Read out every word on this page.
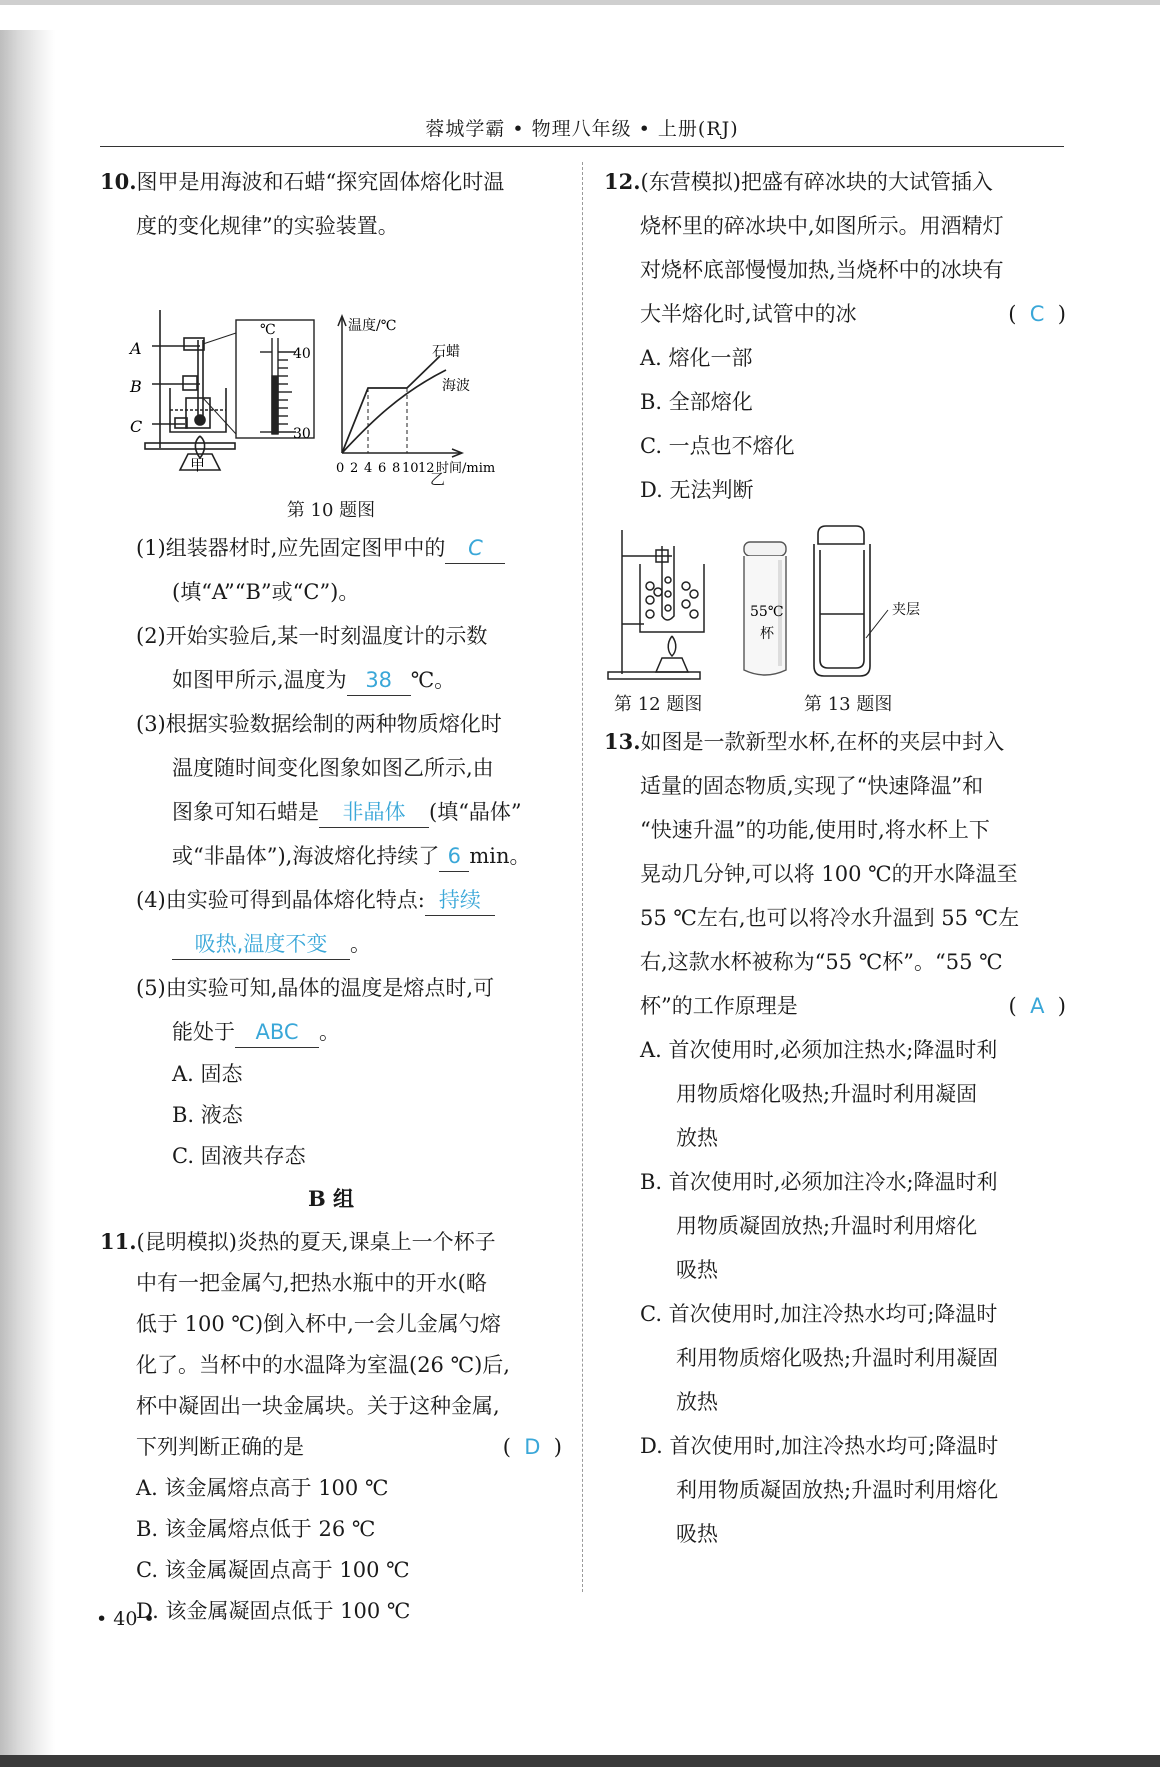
蓉城学霸 • 物理八年级 • 上册(RJ)

10.图甲是用海波和石蜡“探究固体熔化时温

度的变化规律”的实验装置。

A
B
C
℃
40
30
甲
温度/℃
石蜡
海波
0 2 4 6 8 10 12 时间/mim
乙
第 10 题图

(1)组装器材时,应先固定图甲中的 C

(填“A”“B”或“C”)。

(2)开始实验后,某一时刻温度计的示数

如图甲所示,温度为 38 ℃。

(3)根据实验数据绘制的两种物质熔化时

温度随时间变化图象如图乙所示,由

图象可知石蜡是 非晶体 (填“晶体”

或“非晶体”),海波熔化持续了 6 min。

(4)由实验可得到晶体熔化特点: 持续

吸热,温度不变 。

(5)由实验可知,晶体的温度是熔点时,可

能处于 ABC 。

A. 固态

B. 液态

C. 固液共存态

B 组

11.(昆明模拟)炎热的夏天,课桌上一个杯子

中有一把金属勺,把热水瓶中的开水(略

低于 100 ℃)倒入杯中,一会儿金属勺熔

化了。当杯中的水温降为室温(26 ℃)后,

杯中凝固出一块金属块。关于这种金属,

下列判断正确的是	(  D  )

A. 该金属熔点高于 100 ℃

B. 该金属熔点低于 26 ℃

C. 该金属凝固点高于 100 ℃

D. 该金属凝固点低于 100 ℃

12.(东营模拟)把盛有碎冰块的大试管插入

烧杯里的碎冰块中,如图所示。用酒精灯

对烧杯底部慢慢加热,当烧杯中的冰块有

大半熔化时,试管中的冰	(  C  )

A. 熔化一部

B. 全部熔化

C. 一点也不熔化

D. 无法判断

55℃
杯
夹层
第 12 题图	第 13 题图

13.如图是一款新型水杯,在杯的夹层中封入

适量的固态物质,实现了“快速降温”和

“快速升温”的功能,使用时,将水杯上下

晃动几分钟,可以将 100 ℃的开水降温至

55 ℃左右,也可以将冷水升温到 55 ℃左

右,这款水杯被称为“55 ℃杯”。“55 ℃

杯”的工作原理是	(  A  )

A. 首次使用时,必须加注热水;降温时利

用物质熔化吸热;升温时利用凝固

放热

B. 首次使用时,必须加注冷水;降温时利

用物质凝固放热;升温时利用熔化

吸热

C. 首次使用时,加注冷热水均可;降温时

利用物质熔化吸热;升温时利用凝固

放热

D. 首次使用时,加注冷热水均可;降温时

利用物质凝固放热;升温时利用熔化

吸热

• 40 •
